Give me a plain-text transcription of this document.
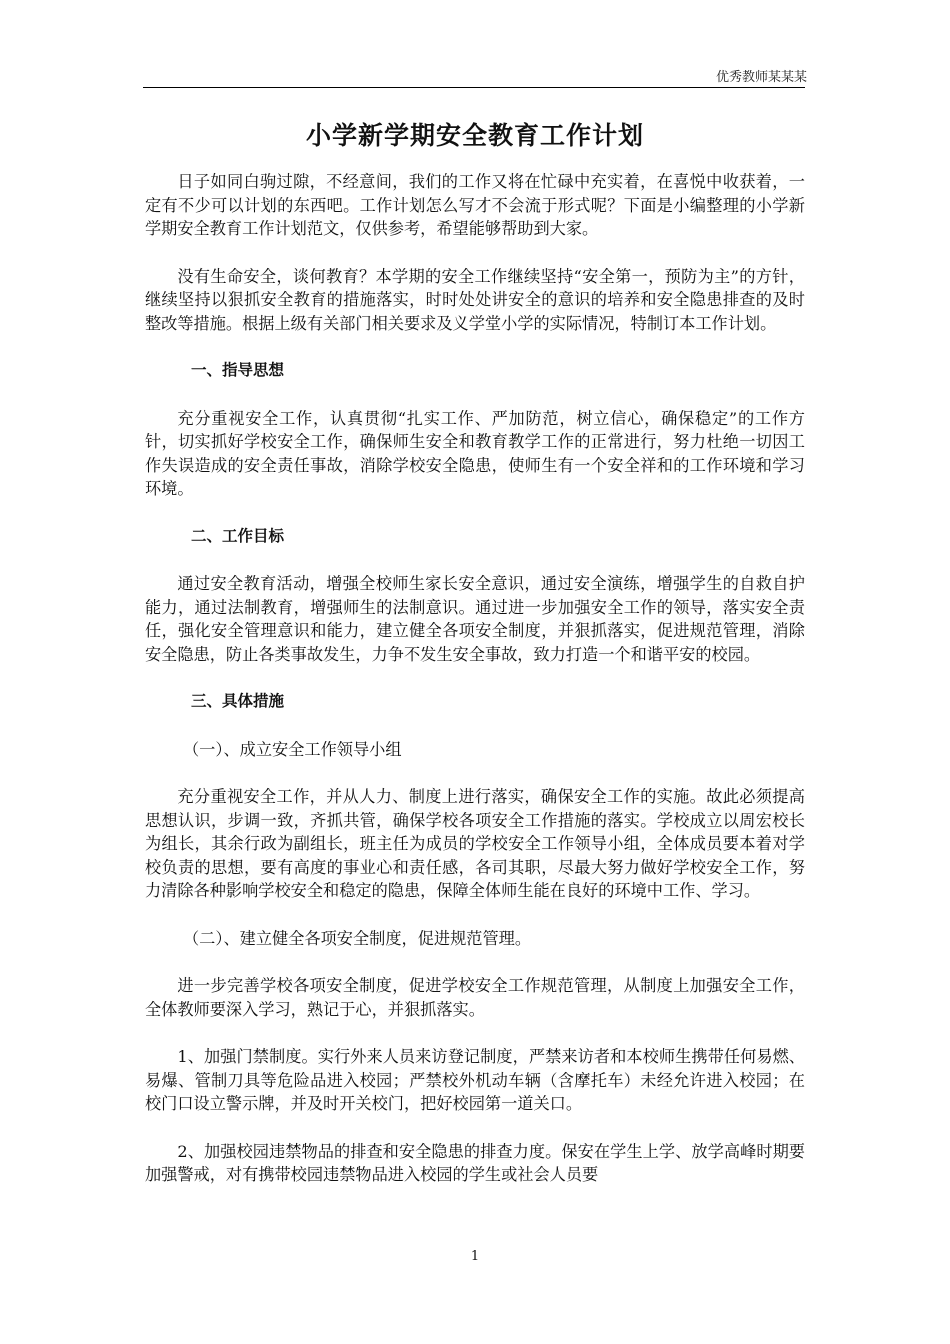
优秀教师某某某
小学新学期安全教育工作计划

日子如同白驹过隙，不经意间，我们的工作又将在忙碌中充实着，在喜悦中收获着，一定有不少可以计划的东西吧。工作计划怎么写才不会流于形式呢？下面是小编整理的小学新学期安全教育工作计划范文，仅供参考，希望能够帮助到大家。

没有生命安全，谈何教育？本学期的安全工作继续坚持“安全第一，预防为主”的方针，继续坚持以狠抓安全教育的措施落实，时时处处讲安全的意识的培养和安全隐患排查的及时整改等措施。根据上级有关部门相关要求及义学堂小学的实际情况，特制订本工作计划。

一、指导思想

充分重视安全工作，认真贯彻“扎实工作、严加防范，树立信心，确保稳定”的工作方针，切实抓好学校安全工作，确保师生安全和教育教学工作的正常进行，努力杜绝一切因工作失误造成的安全责任事故，消除学校安全隐患，使师生有一个安全祥和的工作环境和学习环境。

二、工作目标

通过安全教育活动，增强全校师生家长安全意识，通过安全演练，增强学生的自救自护能力，通过法制教育，增强师生的法制意识。通过进一步加强安全工作的领导，落实安全责任，强化安全管理意识和能力，建立健全各项安全制度，并狠抓落实，促进规范管理，消除安全隐患，防止各类事故发生，力争不发生安全事故，致力打造一个和谐平安的校园。

三、具体措施

（一）、成立安全工作领导小组

充分重视安全工作，并从人力、制度上进行落实，确保安全工作的实施。故此必须提高思想认识，步调一致，齐抓共管，确保学校各项安全工作措施的落实。学校成立以周宏校长为组长，其余行政为副组长，班主任为成员的学校安全工作领导小组，全体成员要本着对学校负责的思想，要有高度的事业心和责任感，各司其职，尽最大努力做好学校安全工作，努力清除各种影响学校安全和稳定的隐患，保障全体师生能在良好的环境中工作、学习。

（二）、建立健全各项安全制度，促进规范管理。

进一步完善学校各项安全制度，促进学校安全工作规范管理，从制度上加强安全工作，全体教师要深入学习，熟记于心，并狠抓落实。

1、加强门禁制度。实行外来人员来访登记制度，严禁来访者和本校师生携带任何易燃、易爆、管制刀具等危险品进入校园；严禁校外机动车辆（含摩托车）未经允许进入校园；在校门口设立警示牌，并及时开关校门，把好校园第一道关口。

2、加强校园违禁物品的排查和安全隐患的排查力度。保安在学生上学、放学高峰时期要加强警戒，对有携带校园违禁物品进入校园的学生或社会人员要

1
